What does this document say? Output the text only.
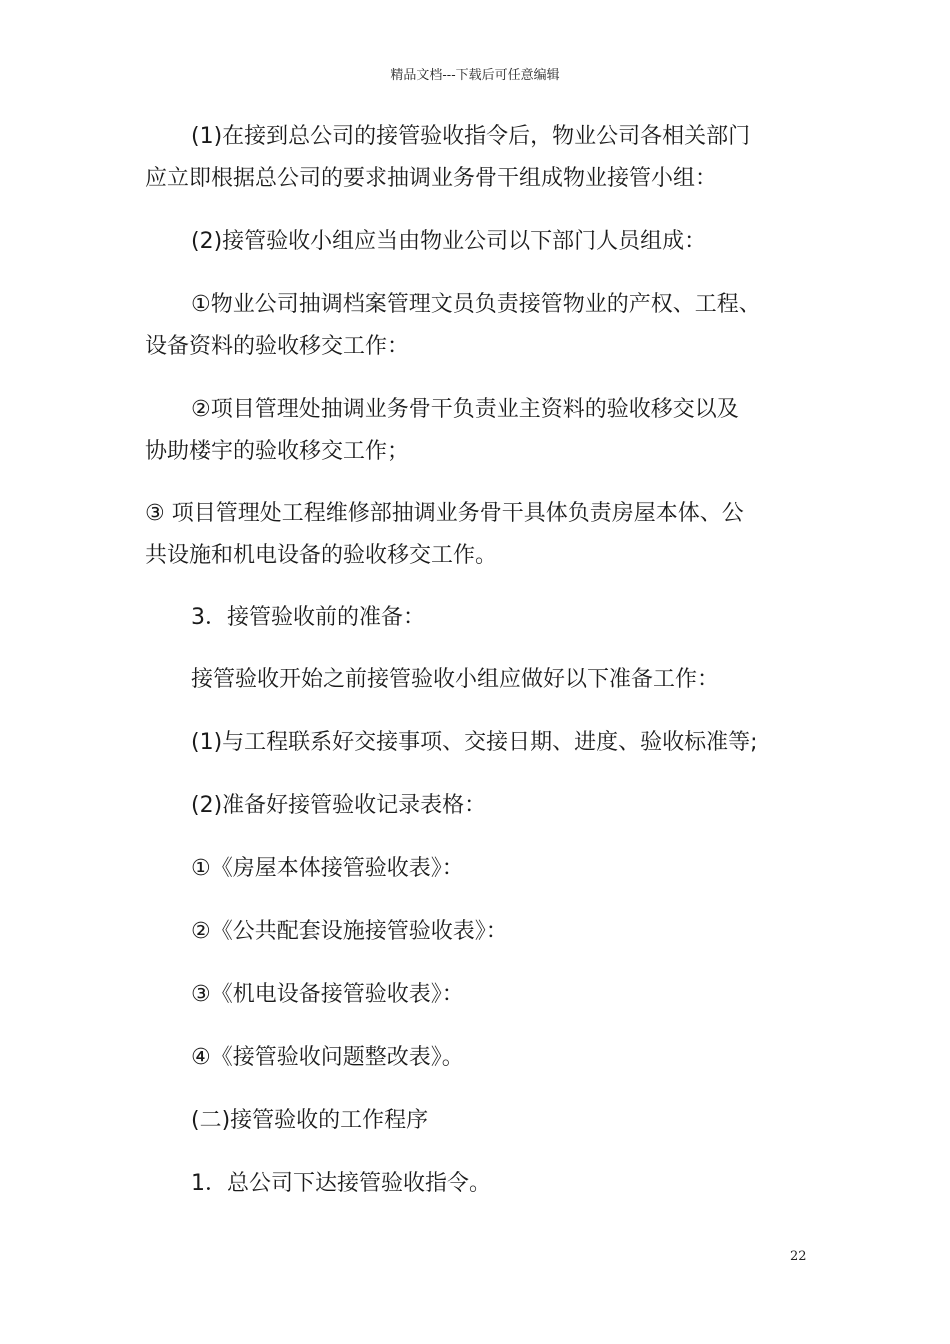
精品文档---下载后可任意编辑
(1)在接到总公司的接管验收指令后，物业公司各相关部门
应立即根据总公司的要求抽调业务骨干组成物业接管小组：
(2)接管验收小组应当由物业公司以下部门人员组成：
①物业公司抽调档案管理文员负责接管物业的产权、工程、
设备资料的验收移交工作：
②项目管理处抽调业务骨干负责业主资料的验收移交以及
协助楼宇的验收移交工作；
③ 项目管理处工程维修部抽调业务骨干具体负责房屋本体、公
共设施和机电设备的验收移交工作。
3．接管验收前的准备：
接管验收开始之前接管验收小组应做好以下准备工作：
(1)与工程联系好交接事项、交接日期、进度、验收标准等;
(2)准备好接管验收记录表格：
①《房屋本体接管验收表》：
②《公共配套设施接管验收表》：
③《机电设备接管验收表》：
④《接管验收问题整改表》。
(二)接管验收的工作程序
1．总公司下达接管验收指令。
22
